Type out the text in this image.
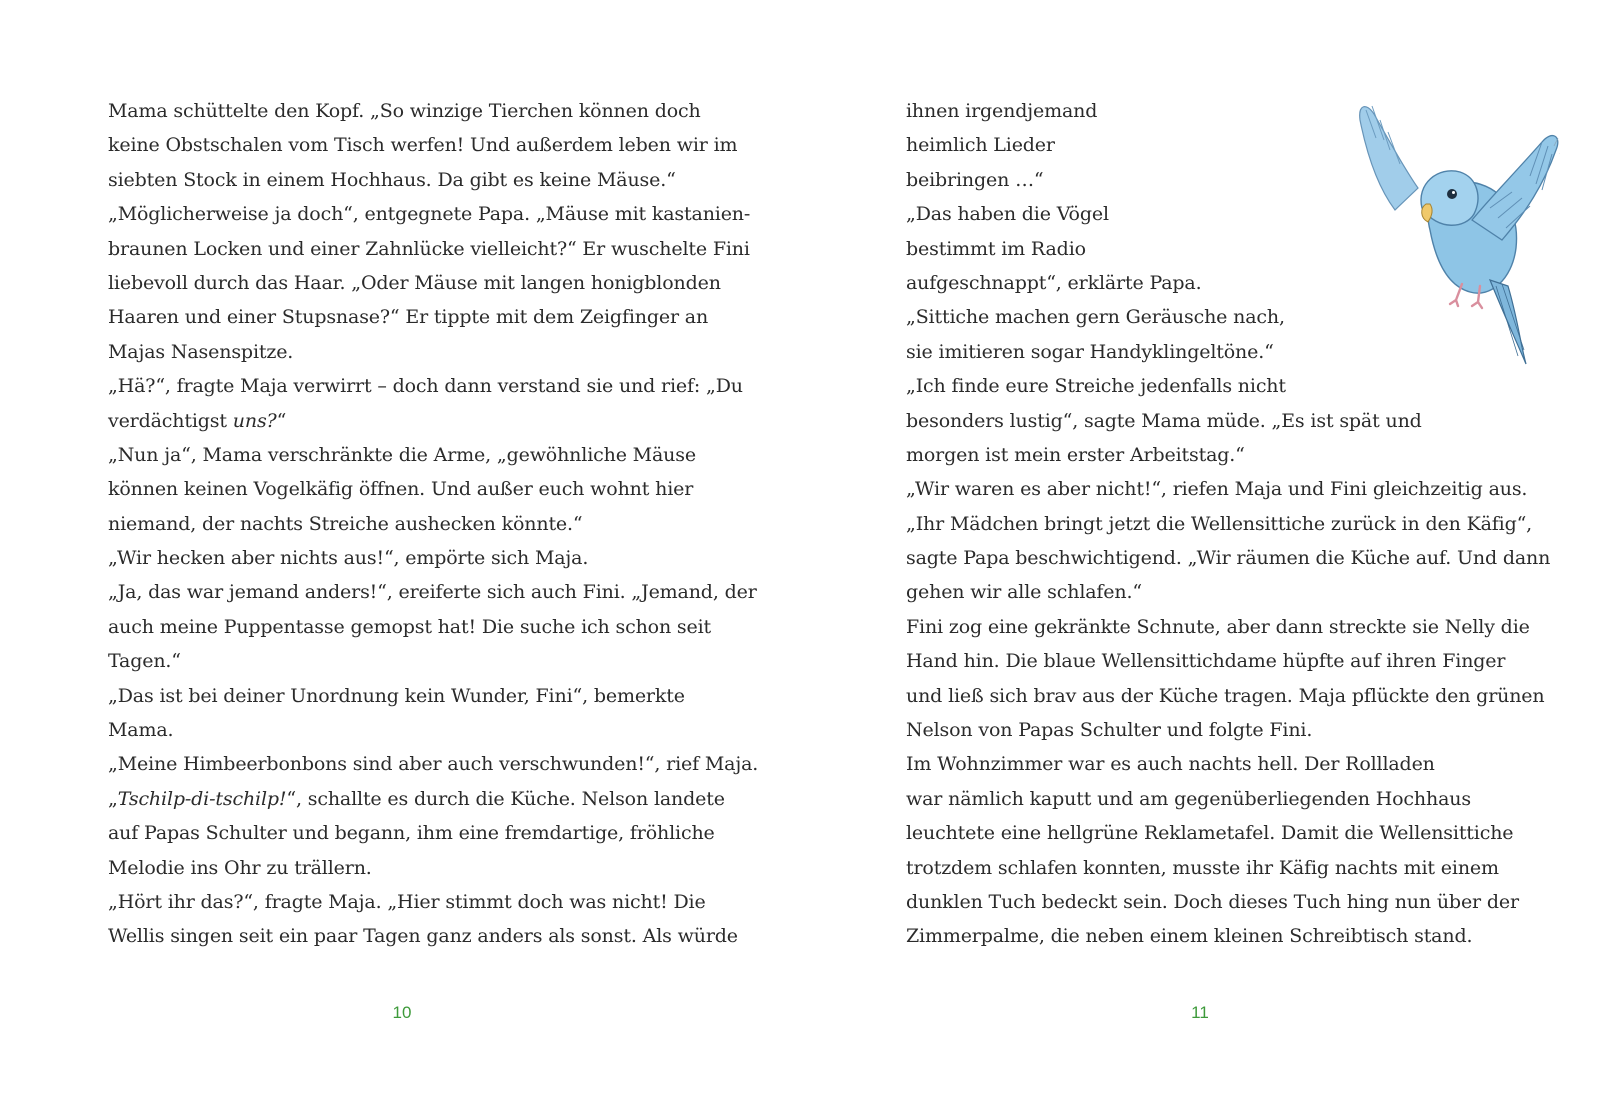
Mama schüttelte den Kopf. „So winzige Tierchen können doch
keine Obstschalen vom Tisch werfen! Und außerdem leben wir im
siebten Stock in einem Hochhaus. Da gibt es keine Mäuse.“
„Möglicherweise ja doch“, entgegnete Papa. „Mäuse mit kastanien-
braunen Locken und einer Zahnlücke vielleicht?“ Er wuschelte Fini
liebevoll durch das Haar. „Oder Mäuse mit langen honigblonden
Haaren und einer Stupsnase?“ Er tippte mit dem Zeigfinger an
Majas Nasenspitze.
„Hä?“, fragte Maja verwirrt – doch dann verstand sie und rief: „Du
verdächtigst uns?“
„Nun ja“, Mama verschränkte die Arme, „gewöhnliche Mäuse
können keinen Vogelkäfig öffnen. Und außer euch wohnt hier
niemand, der nachts Streiche aushecken könnte.“
„Wir hecken aber nichts aus!“, empörte sich Maja.
„Ja, das war jemand anders!“, ereiferte sich auch Fini. „Jemand, der
auch meine Puppentasse gemopst hat! Die suche ich schon seit
Tagen.“
„Das ist bei deiner Unordnung kein Wunder, Fini“, bemerkte
Mama.
„Meine Himbeerbonbons sind aber auch verschwunden!“, rief Maja.
„Tschilp-di-tschilp!“, schallte es durch die Küche. Nelson landete
auf Papas Schulter und begann, ihm eine fremdartige, fröhliche
Melodie ins Ohr zu trällern.
„Hört ihr das?“, fragte Maja. „Hier stimmt doch was nicht! Die
Wellis singen seit ein paar Tagen ganz anders als sonst. Als würde
10
ihnen irgendjemand
heimlich Lieder
beibringen …“
„Das haben die Vögel
bestimmt im Radio
aufgeschnappt“, erklärte Papa.
„Sittiche machen gern Geräusche nach,
sie imitieren sogar Handyklingeltöne.“
„Ich finde eure Streiche jedenfalls nicht
besonders lustig“, sagte Mama müde. „Es ist spät und
morgen ist mein erster Arbeitstag.“
„Wir waren es aber nicht!“, riefen Maja und Fini gleichzeitig aus.
„Ihr Mädchen bringt jetzt die Wellensittiche zurück in den Käfig“,
sagte Papa beschwichtigend. „Wir räumen die Küche auf. Und dann
gehen wir alle schlafen.“
Fini zog eine gekränkte Schnute, aber dann streckte sie Nelly die
Hand hin. Die blaue Wellensittichdame hüpfte auf ihren Finger
und ließ sich brav aus der Küche tragen. Maja pflückte den grünen
Nelson von Papas Schulter und folgte Fini.
Im Wohnzimmer war es auch nachts hell. Der Rollladen
war nämlich kaputt und am gegenüberliegenden Hochhaus
leuchtete eine hellgrüne Reklametafel. Damit die Wellensittiche
trotzdem schlafen konnten, musste ihr Käfig nachts mit einem
dunklen Tuch bedeckt sein. Doch dieses Tuch hing nun über der
Zimmerpalme, die neben einem kleinen Schreibtisch stand.
11
